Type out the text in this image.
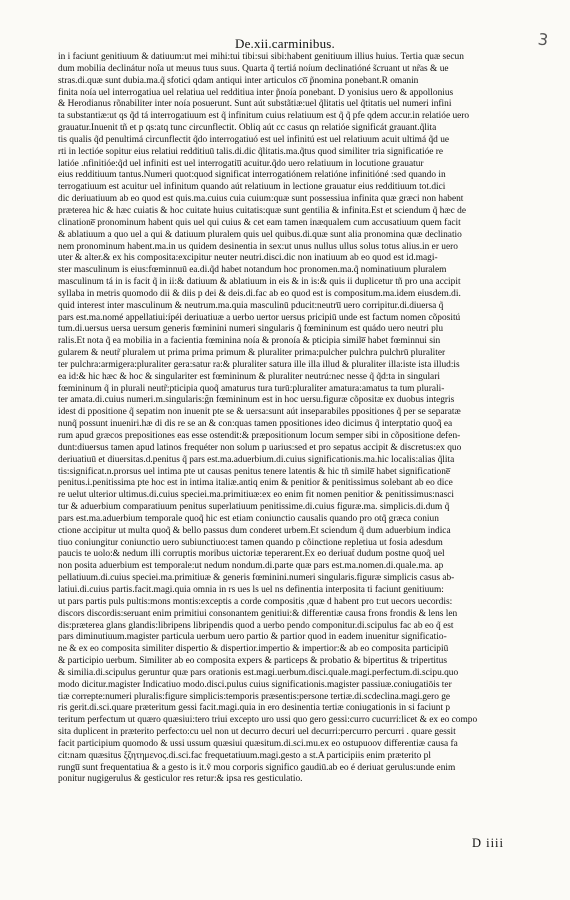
3
De.xii.carminibus.
in i faciunt genitiuum & datiuum:ut mei mihi:tui tibi:sui sibi:habent genitiuum illius huius. Tertia quæ secun
dum mobilia declinátur noîa ut meuus tuus suus. Quarta q̃ tertiá noíum declinatióné s̃cruant ut nr̃as & ue
stras.di.quæ sunt dubia.ma.q̃ sfotici qdam antiqui̅ inter articulos co̅ p̃nomina ponebant.R omanin
finita noía uel interrogatiua uel relatiua uel redditiua inter p̃noía ponebant. D yonisius uero & appollonius
& Herodianus rõnabiliter inter noía posuerunt. Sunt aút substãtiæ:uel q̃litatis uel q̃titatis uel numeri infini
ta substantiæ:ut qs q̃d tá interrogatiuum est q̃ infinitum cuius relatiuum est q̃ q̃ pfe qdem accur.in relatióe uero
grauatur.Inuenit tñ et p qs:atq tunc circunflecti̅t. Obliq aút cc casus qn relatióe significát grauant.q̃lita
tis qualis q̃d penultimá circunflecti̅t q̃do interrogatiuó est uel infinitú est uel relatiuum acuit ultimá q̃d ue
rti in lectióe sopitur eius relatiui redditiuū talis.di.dic q̃litatis.ma.q̃tus quod similiter tria significatióe re
latióe .nfinitióe:q̃d uel infiniti̅ est uel interrogatiu̅ acuitur.q̃do uero relatiuum in locutione grauatur
eius redditiuum tantus.Numeri quot:quod significat interrogatiónem relatióne infinitióné :sed quando in
terrogatiuum est acuitur uel infinitum quando aút relatiuum in lectione grauatur eius redditiuum tot.dici
dic deriuatiuum ab eo quod est quis.ma.cuius cuia cuium:quæ sunt possessiua infinita quæ græci non habent
præterea hic & hæc cuiatis & hoc cuitate huius cuitatis:quæ sunt gentilia & infinita.Est et sciendum q̃ hæc de
clinatione̅ pronominum habent quis uel qui cuius & cet eam tamen inæqualem cum accusatiuum quem facit
& ablatiuum a quo uel a qui & datiuum pluralem quis uel quibus.di.quæ sunt alia pronomina quæ declinatio
nem pronominum habent.ma.in us quidem desinentia in sex:ut unus nullus ullus solus totus alius.in er uero
uter & alter.& ex his composita:excipitur neuter neutri.disci.dic non inatiuum ab eo quod est id.magi-
ster masculinum is eius:fœminnuū ea.di.q̃d habet notandum hoc pronomen.ma.q̃ nominatiuum pluralem
masculinum tá in is facit q̃ in ii:& datiuum & ablatiuum in eis & in is:& quis ii duplicetur tñ pro una accipit
syllaba in metris quomodo dii & diis p dei & deis.di.fac ab eo quod est is compositum.ma.idem eiusdem.di.
quid interest inter masculinum & neutrum.ma.quia masculinū pducit:neutru̅ uero corripitur.di.diuersa q̃
pars est.ma.nomé appellatiui:ípéi deriuatiuæ a uerbo uertor uersus pricipiū unde est factum nomen cõpositú
tum.di.uersus uersa uersum generis fœminini numeri singularis q̃ fœmininum est quádo uero neutri plu
ralis.Et nota q̃ ea mobilia in a facientia fœminina noía & pronoía & pticipia simile̅ habet fœminnui̅ sin
gularem & neutr̃ pluralem ut prima prima primum & pluraliter prima:pulcher pulchra pulchrū pluraliter
ter pulchra:armigera:pluraliter gera:satur ra:& pluraliter satura ille illa illud & pluraliter illa:iste ista illud:is
ea id:& hic hæc & hoc & singulariter est fœmininum & pluraliter neutrú:nec nesse q̃ q̃d:ta in singulari
fœmininum q̃ in plurali neutr̃:pticipia quoq̃ amaturus tura turū:pluraliter amatura:amatus ta tum plurali-
ter amata.di.cuius numeri.m.singularis:g̃n fœmininum est in hoc uersu.figuræ cõpositæ ex duobus integris
idest di ppositione q̃ sepatim non inuenit pte se & uersa:sunt aút inseparabiles ppositiones q̃ per se separatæ
nunq̃ possunt inueniri.hæ di dis re se an & con:quas tamen ppositiones ideo dicimus q̃ interptatio quoq̃ ea
rum apud græcos prepositiones eas esse ostendit:& præpositionum locum semper sibi in cõpositione defen-
dunt:diuersus tamen apud latinos frequéter non solum p uarius:sed et pro sepatus accipit & discretus:ex quo
deriuatiuū et diuersitas.d.penitus q̃ pars est.ma.aduerbium.di.cuius significationis.ma.hic localis:alias q̃lita
tis:significat.n.prorsus uel intima pte ut causas penitus tenere latentis & hic tñ simile̅ habet significatione̅
penitus.i.penitissima pte hoc est in intima italiæ.antiq enim & penitior & penitissimus solebant ab eo dice
re uelut ulterior ultimus.di.cuius speciei.ma.primitiuæ:ex eo enim fit nomen penitior & penitissimus:nasci
tur & aduerbium comparatiuum penitus superlatiuum penitissime.di.cuius figuræ.ma. simplicis.di.dum q̃
pars est.ma.aduerbium temporale quoq̃ hic est etiam coniunctio causalis quando pro otq̃ græca coniun
ctione accipitur ut multa quoq̃ & bello passus dum conderet urbem.Et sciendum q̃ dum aduerbium indica
tiuo coniungitur coniunctio uero subiunctiuo:est tamen quando p cõinctione repletiua ut fosia adesdum
paucis te uolo:& nedum illi corruptis moribus uictoriæ teperarent.Ex eo deriuat̃ dudum postne quoq̃ uel
non posita aduerbium est temporale:ut nedum nondum.di.parte quæ pars est.ma.nomen.di.quale.ma. ap
pellatiuum.di.cuius speciei.ma.primitiuæ & generis fœminini.numeri singularis.figuræ simplicis casus ab-
latiui.di.cuius partis.facit.magi.quia omnia in rs ues ls uel ns definentia interposita ti faciunt genitiuum:
ut pars partis puls pultis:mons montis:exceptis a corde compositis ,quæ d habent pro t:ut uecors uecordis:
discors discordis:seruant enim primitiui consonantem genitiui:& differentiæ causa frons frondis & lens len
dis:præterea glans glandis:libripens libripendis quod a uerbo pendo componitur.di.scipulus fac ab eo q̃ est
pars diminutiuum.magister particula uerbum uero partio & partior quod in eadem inuenitur significatio-
ne & ex eo composita similiter dispertio & dispertior.impertio & impertior:& ab eo composita participiū
& participio uerbum. Similiter ab eo composita expers & particeps & probatio & bipertitus & tripertitus
& similia.di.scipulus geruntur quæ pars orationis est.magi.uerbum.disci.quale.magi.perfectum.di.scipu.quo
modo dicitur.magister Indicatiuo modo.disci.pulus cuius significationis.magister passiuæ.coniugatiōis ter
tiæ correpte:numeri pluralis:figure simplicis:temporis præsentis:persone tertiæ.di.scdeclina.magi.gero ge
ris gerit.di.sci.quare præteritum gessi facit.magi.quia in ero desinentia tertiæ coniugationis in si faciunt p
teritum perfectum ut quæro quæsiui:tero triui excepto uro ussi quo gero gessi:curro cucurri:licet & ex eo compo
sita duplicent in præterito perfecto:cu uel non ut decurro decuri uel decurri:percurro percurri . quare gessit
facit participium quomodo & ussi ussum quæsiui quæsitum.di.sci.mu.ex eo ostupuoov differentiæ causa fa
cit:nam quæsitus ξζητημενος.di.sci.fac frequetatiuum.magi.gesto a st.A participiis enim præterito pl
rungu̅ sunt frequentatiua & a gesto is it.ṽ mou corporis significo gaudiū.ab eo é deriuat gerulus:unde enim
ponitur nugigerulus & gesticulor res retur:& ipsa res gesticulatio.
D iiii
